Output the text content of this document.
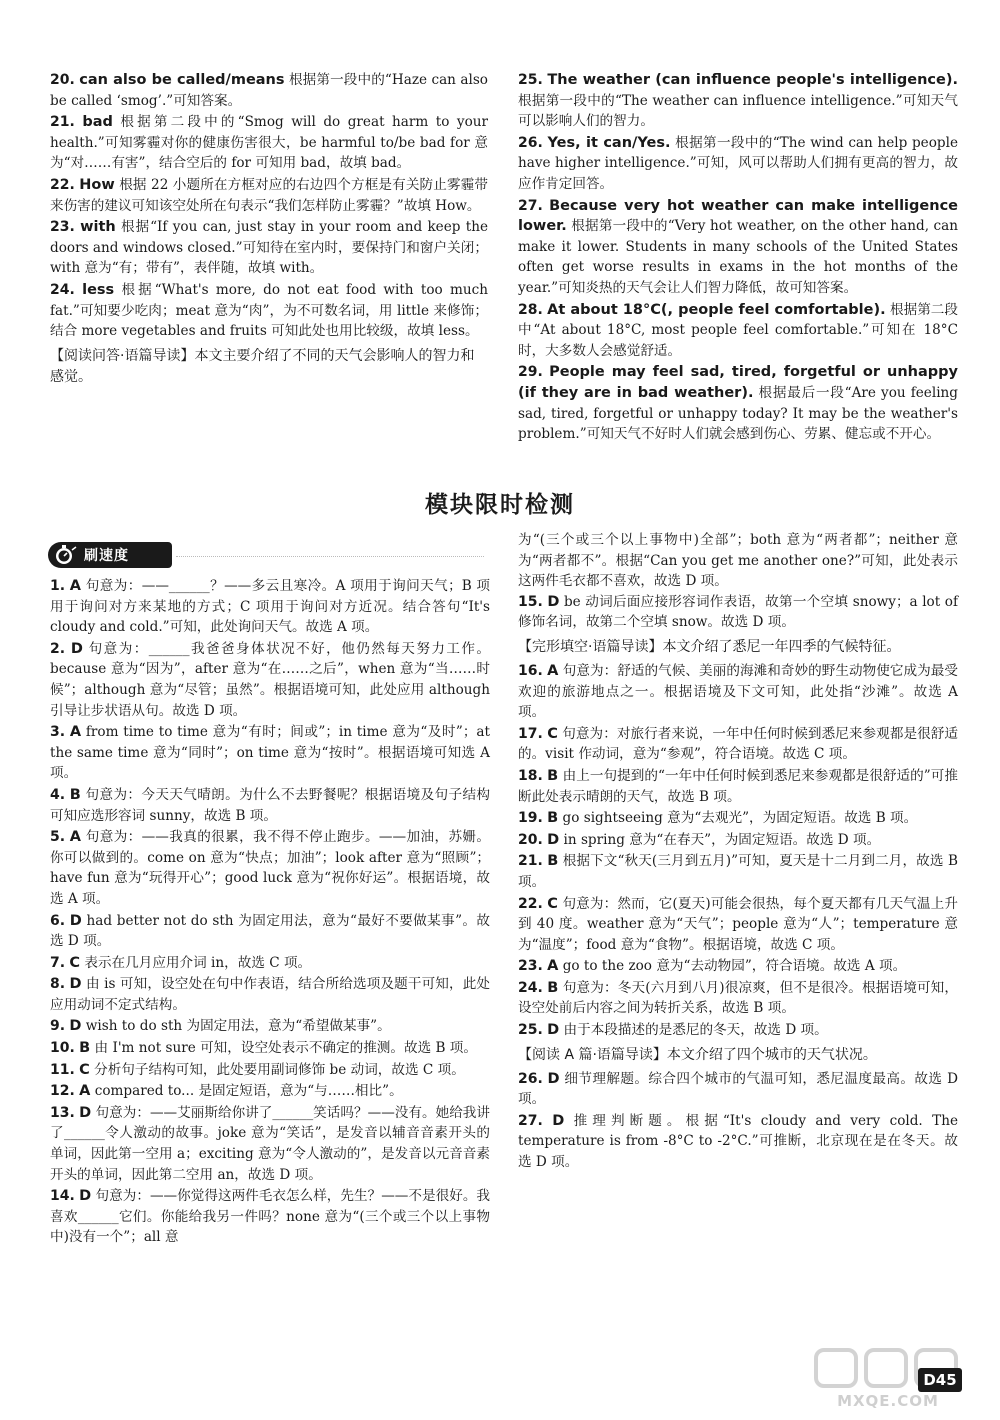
20. can also be called/means 根据第一段中的“Haze can also be called ‘smog’.”可知答案。
21. bad 根据第二段中的“Smog will do great harm to your health.”可知雾霾对你的健康伤害很大，be harmful to/be bad for 意为“对……有害”，结合空后的 for 可知用 bad，故填 bad。
22. How 根据 22 小题所在方框对应的右边四个方框是有关防止雾霾带来伤害的建议可知该空处所在句表示“我们怎样防止雾霾？”故填 How。
23. with 根据“If you can, just stay in your room and keep the doors and windows closed.”可知待在室内时，要保持门和窗户关闭；with 意为“有；带有”，表伴随，故填 with。
24. less 根据“What's more, do not eat food with too much fat.”可知要少吃肉；meat 意为“肉”，为不可数名词，用 little 来修饰；结合 more vegetables and fruits 可知此处也用比较级，故填 less。
【阅读问答·语篇导读】本文主要介绍了不同的天气会影响人的智力和感觉。
25. The weather (can influence people's intelligence). 根据第一段中的“The weather can influence intelligence.”可知天气可以影响人们的智力。
26. Yes, it can/Yes. 根据第一段中的“The wind can help people have higher intelligence.”可知，风可以帮助人们拥有更高的智力，故应作肯定回答。
27. Because very hot weather can make intelligence lower. 根据第一段中的“Very hot weather, on the other hand, can make it lower. Students in many schools of the United States often get worse results in exams in the hot months of the year.”可知炎热的天气会让人们智力降低，故可知答案。
28. At about 18°C(, people feel comfortable). 根据第二段中“At about 18°C, most people feel comfortable.”可知在 18°C 时，大多数人会感觉舒适。
29. People may feel sad, tired, forgetful or unhappy (if they are in bad weather). 根据最后一段“Are you feeling sad, tired, forgetful or unhappy today? It may be the weather's problem.”可知天气不好时人们就会感到伤心、劳累、健忘或不开心。
模块限时检测
刷速度
1. A 句意为：——______？——多云且寒冷。A 项用于询问天气；B 项用于询问对方来某地的方式；C 项用于询问对方近况。结合答句“It's cloudy and cold.”可知，此处询问天气。故选 A 项。
2. D 句意为：______我爸爸身体状况不好，他仍然每天努力工作。because 意为“因为”，after 意为“在……之后”，when 意为“当……时候”；although 意为“尽管；虽然”。根据语境可知，此处应用 although 引导让步状语从句。故选 D 项。
3. A from time to time 意为“有时；间或”；in time 意为“及时”；at the same time 意为“同时”；on time 意为“按时”。根据语境可知选 A 项。
4. B 句意为：今天天气晴朗。为什么不去野餐呢？根据语境及句子结构可知应选形容词 sunny，故选 B 项。
5. A 句意为：——我真的很累，我不得不停止跑步。——加油，苏姗。你可以做到的。come on 意为“快点；加油”；look after 意为“照顾”；have fun 意为“玩得开心”；good luck 意为“祝你好运”。根据语境，故选 A 项。
6. D had better not do sth 为固定用法，意为“最好不要做某事”。故选 D 项。
7. C 表示在几月应用介词 in，故选 C 项。
8. D 由 is 可知，设空处在句中作表语，结合所给选项及题干可知，此处应用动词不定式结构。
9. D wish to do sth 为固定用法，意为“希望做某事”。
10. B 由 I'm not sure 可知，设空处表示不确定的推测。故选 B 项。
11. C 分析句子结构可知，此处要用副词修饰 be 动词，故选 C 项。
12. A compared to... 是固定短语，意为“与……相比”。
13. D 句意为：——艾丽斯给你讲了______笑话吗？——没有。她给我讲了______令人激动的故事。joke 意为“笑话”，是发音以辅音音素开头的单词，因此第一空用 a；exciting 意为“令人激动的”，是发音以元音音素开头的单词，因此第二空用 an，故选 D 项。
14. D 句意为：——你觉得这两件毛衣怎么样，先生？——不是很好。我喜欢______它们。你能给我另一件吗？none 意为“(三个或三个以上事物中)没有一个”；all 意
为“(三个或三个以上事物中)全部”；both 意为“两者都”；neither 意为“两者都不”。根据“Can you get me another one?”可知，此处表示这两件毛衣都不喜欢，故选 D 项。
15. D be 动词后面应接形容词作表语，故第一个空填 snowy；a lot of 修饰名词，故第二个空填 snow。故选 D 项。
【完形填空·语篇导读】本文介绍了悉尼一年四季的气候特征。
16. A 句意为：舒适的气候、美丽的海滩和奇妙的野生动物使它成为最受欢迎的旅游地点之一。根据语境及下文可知，此处指“沙滩”。故选 A 项。
17. C 句意为：对旅行者来说，一年中任何时候到悉尼来参观都是很舒适的。visit 作动词，意为“参观”，符合语境。故选 C 项。
18. B 由上一句提到的“一年中任何时候到悉尼来参观都是很舒适的”可推断此处表示晴朗的天气，故选 B 项。
19. B go sightseeing 意为“去观光”，为固定短语。故选 B 项。
20. D in spring 意为“在春天”，为固定短语。故选 D 项。
21. B 根据下文“秋天(三月到五月)”可知，夏天是十二月到二月，故选 B 项。
22. C 句意为：然而，它(夏天)可能会很热，每个夏天都有几天气温上升到 40 度。weather 意为“天气”；people 意为“人”；temperature 意为“温度”；food 意为“食物”。根据语境，故选 C 项。
23. A go to the zoo 意为“去动物园”，符合语境。故选 A 项。
24. B 句意为：冬天(六月到八月)很凉爽，但不是很冷。根据语境可知，设空处前后内容之间为转折关系，故选 B 项。
25. D 由于本段描述的是悉尼的冬天，故选 D 项。
【阅读 A 篇·语篇导读】本文介绍了四个城市的天气状况。
26. D 细节理解题。综合四个城市的气温可知，悉尼温度最高。故选 D 项。
27. D 推理判断题。根据“It's cloudy and very cold. The temperature is from -8°C to -2°C.”可推断，北京现在是在冬天。故选 D 项。
MXQE.COM
D45
